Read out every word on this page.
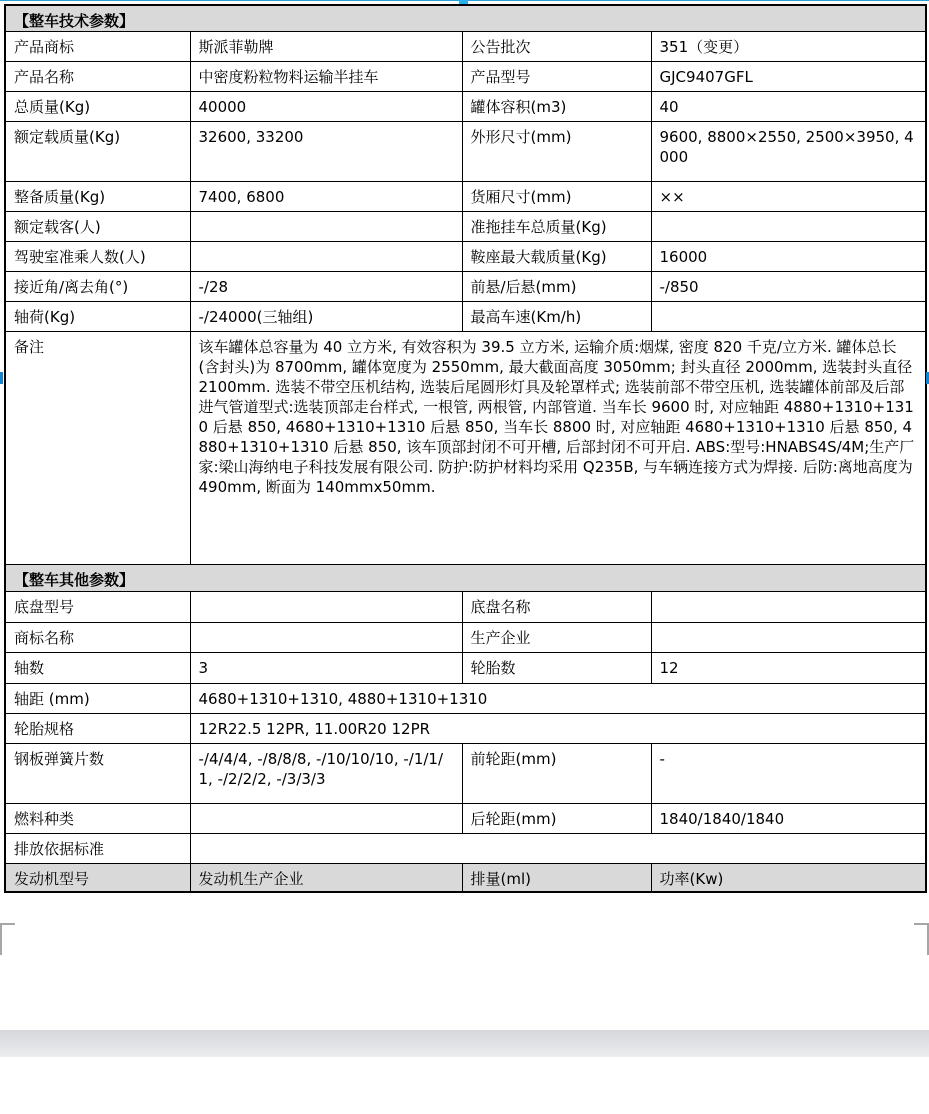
【整车技术参数】			
产品商标	斯派菲勒牌	公告批次	351（变更）
产品名称	中密度粉粒物料运输半挂车	产品型号	GJC9407GFL
总质量(Kg)	40000	罐体容积(m3)	40
额定载质量(Kg)	32600, 33200	外形尺寸(mm)	9600, 8800×2550, 2500×3950, 4000
整备质量(Kg)	7400, 6800	货厢尺寸(mm)	××
额定载客(人)		准拖挂车总质量(Kg)	
驾驶室准乘人数(人)		鞍座最大载质量(Kg)	16000
接近角/离去角(°)	-/28	前悬/后悬(mm)	-/850
轴荷(Kg)	-/24000(三轴组)	最高车速(Km/h)	
备注	该车罐体总容量为 40 立方米, 有效容积为 39.5 立方米, 运输介质:烟煤, 密度 820 千克/立方米. 罐体总长(含封头)为 8700mm, 罐体宽度为 2550mm, 最大截面高度 3050mm; 封头直径 2000mm, 选装封头直径 2100mm. 选装不带空压机结构, 选装后尾圆形灯具及轮罩样式; 选装前部不带空压机, 选装罐体前部及后部进气管道型式:选装顶部走台样式, 一根管, 两根管, 内部管道. 当车长 9600 时, 对应轴距 4880+1310+1310 后悬 850, 4680+1310+1310 后悬 850, 当车长 8800 时, 对应轴距 4680+1310+1310 后悬 850, 4880+1310+1310 后悬 850, 该车顶部封闭不可开槽, 后部封闭不可开启. ABS:型号:HNABS4S/4M;生产厂家:梁山海纳电子科技发展有限公司. 防护:防护材料均采用 Q235B, 与车辆连接方式为焊接. 后防:离地高度为 490mm, 断面为 140mmx50mm.		
【整车其他参数】			
底盘型号		底盘名称	
商标名称		生产企业	
轴数	3	轮胎数	12
轴距 (mm)	4680+1310+1310, 4880+1310+1310		
轮胎规格	12R22.5 12PR, 11.00R20 12PR		
钢板弹簧片数	-/4/4/4, -/8/8/8, -/10/10/10, -/1/1/1, -/2/2/2, -/3/3/3	前轮距(mm)	-
燃料种类		后轮距(mm)	1840/1840/1840
排放依据标准			
发动机型号	发动机生产企业	排量(ml)	功率(Kw)
